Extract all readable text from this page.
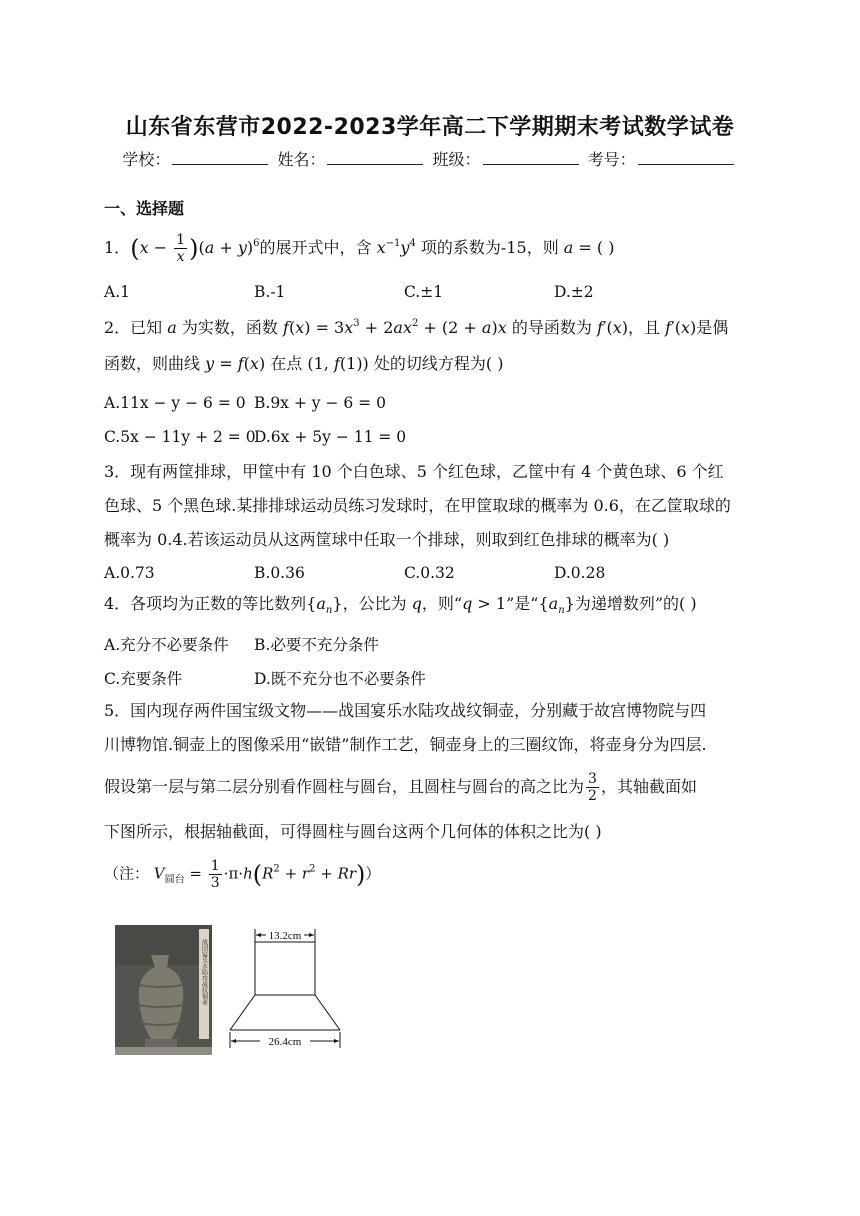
山东省东营市2022-2023学年高二下学期期末考试数学试卷
学校：	姓名：	班级：	考号：
一、选择题
1．$(x - \frac{1}{x} )(a + y)^6$的展开式中，含 $x^{-1}y^4$ 项的系数为-15，则 a = ( )
A.1	B.-1	C.±1	D.±2
2．已知 a 为实数，函数 $f(x) = 3x^3 + 2ax^2 + (2 + a)x$ 的导函数为 f′(x)，且 f′(x)是偶
函数，则曲线 y = f(x) 在点 (1, f(1)) 处的切线方程为( )
A.11x − y − 6 = 0 B.9x + y − 6 = 0
C.5x − 11y + 2 = 0
D.6x + 5y − 11 = 0
3．现有两筐排球，甲筐中有 10 个白色球、5 个红色球，乙筐中有 4 个黄色球、6 个红
色球、5 个黑色球.某排排球运动员练习发球时，在甲筐取球的概率为 0.6，在乙筐取球的
概率为 0.4.若该运动员从这两筐球中任取一个排球，则取到红色排球的概率为( )
A.0.73	B.0.36	C.0.32	D.0.28
4．各项均为正数的等比数列$\{a_n\}$，公比为 q，则“q > 1”是“$\{a_n\}$为递增数列”的( )
A.充分不必要条件 B.必要不充分条件
C.充要条件	D.既不充分也不必要条件
5．国内现存两件国宝级文物——战国宴乐水陆攻战纹铜壶，分别藏于故宫博物院与四
川博物馆.铜壶上的图像采用“嵌错”制作工艺，铜壶身上的三圈纹饰，将壶身分为四层.
假设第一层与第二层分别看作圆柱与圆台，且圆柱与圆台的高之比为 $\frac{3}{2}$ ，其轴截面如
下图所示，根据轴截面，可得圆柱与圆台这两个几何体的体积之比为( )
（注： $V_{圆台} = \frac{1}{3} \cdot\pi\cdot h(R^2 + r^2 + Rr)$）
战国宴乐水陆攻战纹铜壶
13.2cm
26.4cm
